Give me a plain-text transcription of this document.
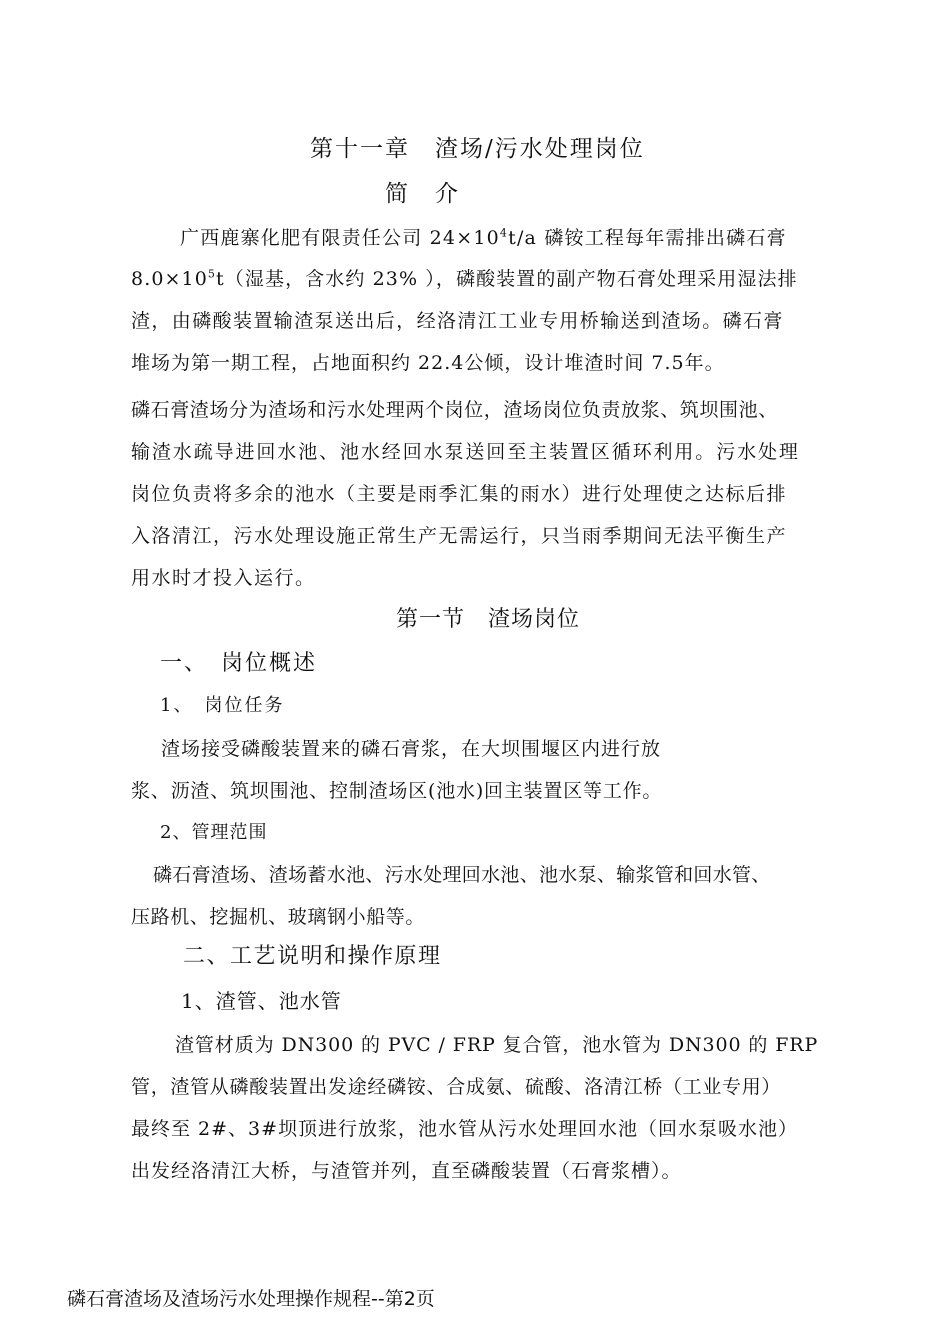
第十一章　渣场/污水处理岗位
简　介

广西鹿寨化肥有限责任公司 $24\times 10^4t/a$ 磷铵工程每年需排出磷石膏

$8.0\times 10^5t$（湿基，含水约 23% ），磷酸装置的副产物石膏处理采用湿法排

渣，由磷酸装置输渣泵送出后，经洛清江工业专用桥输送到渣场。磷石膏

堆场为第一期工程，占地面积约 22.4公倾，设计堆渣时间 7.5年。

磷石膏渣场分为渣场和污水处理两个岗位，渣场岗位负责放浆、筑坝围池、

输渣水疏导进回水池、池水经回水泵送回至主装置区循环利用。污水处理

岗位负责将多余的池水（主要是雨季汇集的雨水）进行处理使之达标后排

入洛清江，污水处理设施正常生产无需运行，只当雨季期间无法平衡生产

用水时才投入运行。

第一节　渣场岗位
一、　岗位概述
1、　岗位任务

渣场接受磷酸装置来的磷石膏浆，在大坝围堰区内进行放

浆、沥渣、筑坝围池、控制渣场区(池水)回主装置区等工作。

2、管理范围

磷石膏渣场、渣场蓄水池、污水处理回水池、池水泵、输浆管和回水管、

压路机、挖掘机、玻璃钢小船等。

二、工艺说明和操作原理
1、渣管、池水管

渣管材质为 DN300 的 PVC / FRP 复合管，池水管为 DN300 的 FRP

管，渣管从磷酸装置出发途经磷铵、合成氨、硫酸、洛清江桥（工业专用）

最终至 2#、3#坝顶进行放浆，池水管从污水处理回水池（回水泵吸水池）

出发经洛清江大桥，与渣管并列，直至磷酸装置（石膏浆槽）。

磷石膏渣场及渣场污水处理操作规程--第2页
